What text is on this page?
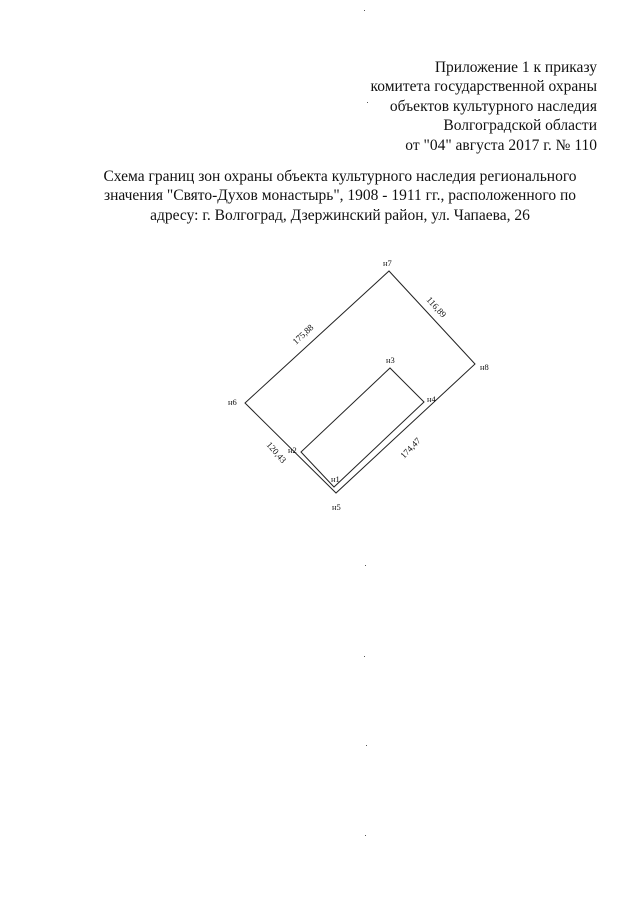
Приложение 1 к приказу
комитета государственной охраны
объектов культурного наследия
Волгоградской области
от "04" августа 2017 г. № 110
Схема границ зон охраны объекта культурного наследия регионального
значения "Свято-Духов монастырь", 1908 - 1911 гг., расположенного по
адресу: г. Волгоград, Дзержинский район, ул. Чапаева, 26
н7
н8
н6
н3
н4
н2
н1
н5
175,88
116,89
174,47
120,43
